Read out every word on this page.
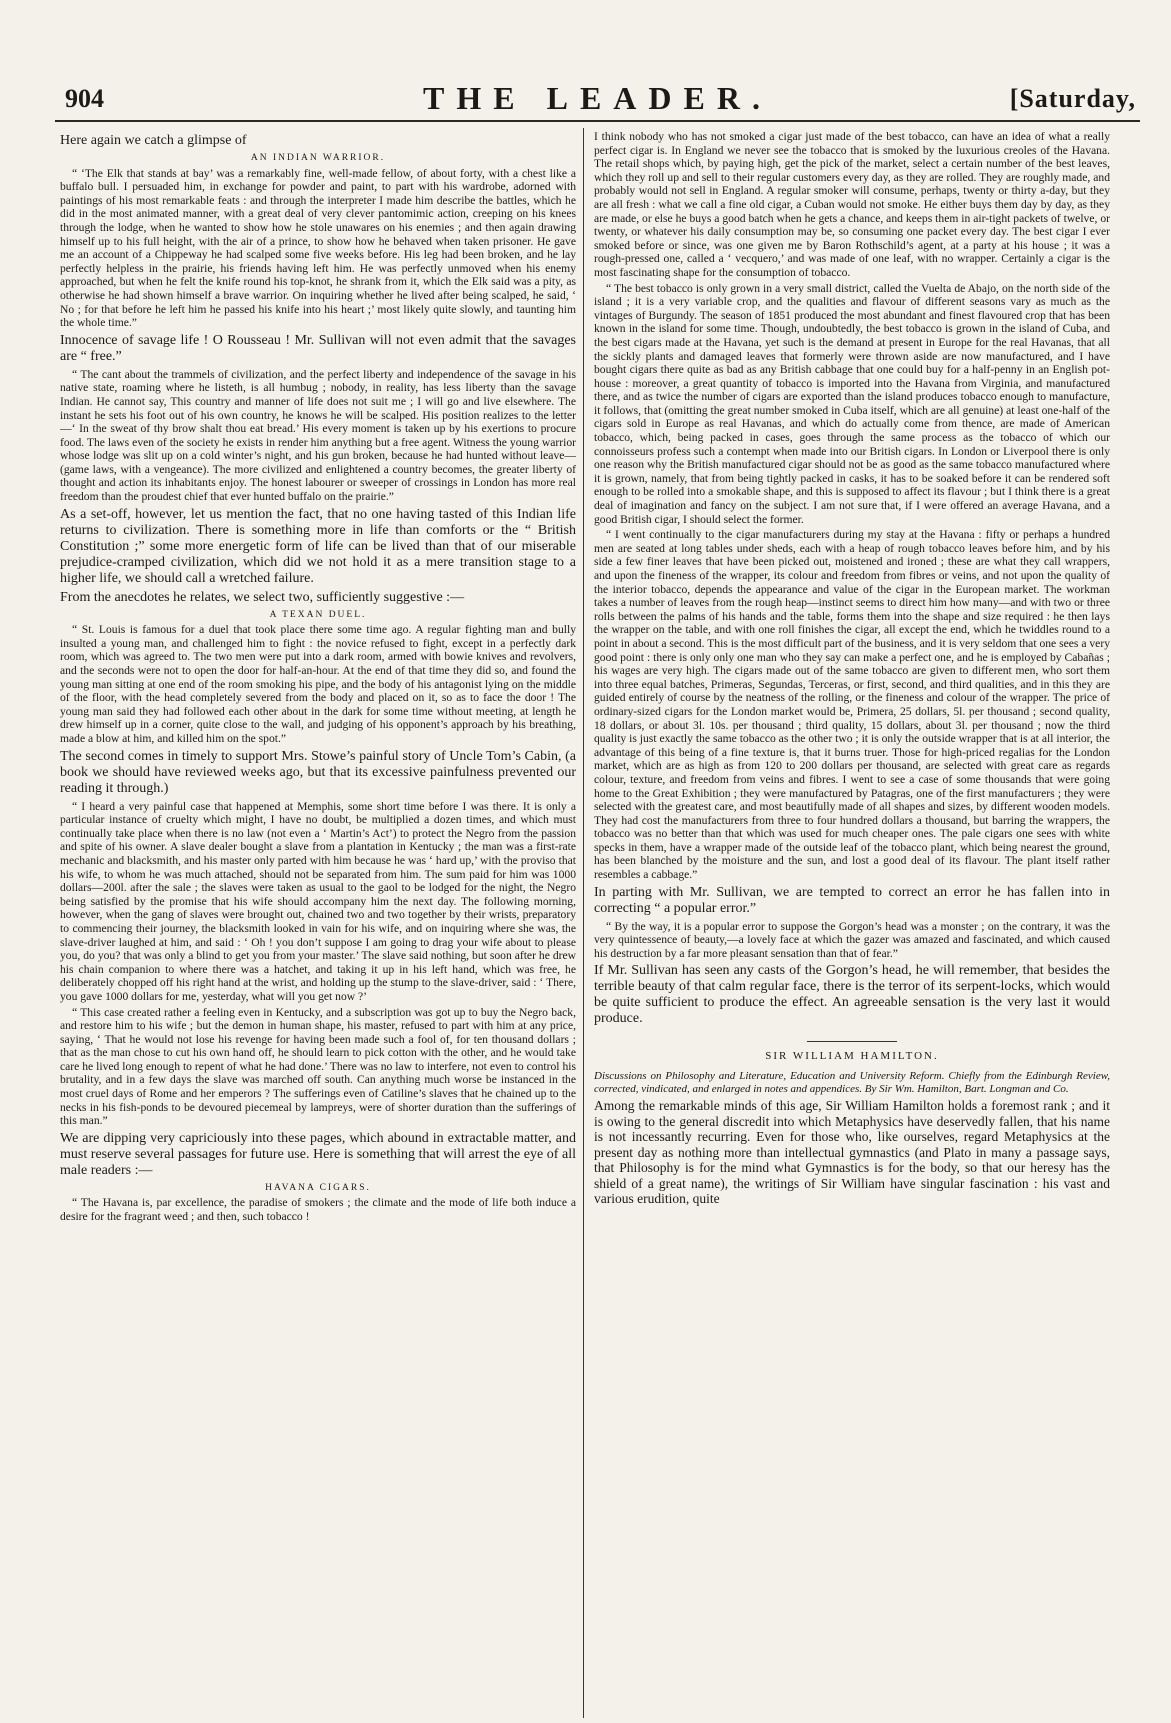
904	THE LEADER.	[Saturday,

Here again we catch a glimpse of

AN INDIAN WARRIOR.

“ ‘The Elk that stands at bay’ was a remarkably fine, well-made fellow, of about forty, with a chest like a buffalo bull. I persuaded him, in exchange for powder and paint, to part with his wardrobe, adorned with paintings of his most remarkable feats : and through the interpreter I made him describe the battles, which he did in the most animated manner, with a great deal of very clever pantomimic action, creeping on his knees through the lodge, when he wanted to show how he stole unawares on his enemies ; and then again drawing himself up to his full height, with the air of a prince, to show how he behaved when taken prisoner. He gave me an account of a Chippeway he had scalped some five weeks before. His leg had been broken, and he lay perfectly helpless in the prairie, his friends having left him. He was perfectly unmoved when his enemy approached, but when he felt the knife round his top-knot, he shrank from it, which the Elk said was a pity, as otherwise he had shown himself a brave warrior. On inquiring whether he lived after being scalped, he said, ‘ No ; for that before he left him he passed his knife into his heart ;’ most likely quite slowly, and taunting him the whole time.”

Innocence of savage life ! O Rousseau ! Mr. Sullivan will not even admit that the savages are “ free.”

“ The cant about the trammels of civilization, and the perfect liberty and independence of the savage in his native state, roaming where he listeth, is all humbug ; nobody, in reality, has less liberty than the savage Indian. He cannot say, This country and manner of life does not suit me ; I will go and live elsewhere. The instant he sets his foot out of his own country, he knows he will be scalped. His position realizes to the letter—‘ In the sweat of thy brow shalt thou eat bread.’ His every moment is taken up by his exertions to procure food. The laws even of the society he exists in render him anything but a free agent. Witness the young warrior whose lodge was slit up on a cold winter’s night, and his gun broken, because he had hunted without leave—(game laws, with a vengeance). The more civilized and enlightened a country becomes, the greater liberty of thought and action its inhabitants enjoy. The honest labourer or sweeper of crossings in London has more real freedom than the proudest chief that ever hunted buffalo on the prairie.”

As a set-off, however, let us mention the fact, that no one having tasted of this Indian life returns to civilization. There is something more in life than comforts or the “ British Constitution ;” some more energetic form of life can be lived than that of our miserable prejudice-cramped civilization, which did we not hold it as a mere transition stage to a higher life, we should call a wretched failure.

From the anecdotes he relates, we select two, sufficiently suggestive :—

A TEXAN DUEL.

“ St. Louis is famous for a duel that took place there some time ago. A regular fighting man and bully insulted a young man, and challenged him to fight : the novice refused to fight, except in a perfectly dark room, which was agreed to. The two men were put into a dark room, armed with bowie knives and revolvers, and the seconds were not to open the door for half-an-hour. At the end of that time they did so, and found the young man sitting at one end of the room smoking his pipe, and the body of his antagonist lying on the middle of the floor, with the head completely severed from the body and placed on it, so as to face the door ! The young man said they had followed each other about in the dark for some time without meeting, at length he drew himself up in a corner, quite close to the wall, and judging of his opponent’s approach by his breathing, made a blow at him, and killed him on the spot.”

The second comes in timely to support Mrs. Stowe’s painful story of Uncle Tom’s Cabin, (a book we should have reviewed weeks ago, but that its excessive painfulness prevented our reading it through.)

“ I heard a very painful case that happened at Memphis, some short time before I was there. It is only a particular instance of cruelty which might, I have no doubt, be multiplied a dozen times, and which must continually take place when there is no law (not even a ‘ Martin’s Act’) to protect the Negro from the passion and spite of his owner. A slave dealer bought a slave from a plantation in Kentucky ; the man was a first-rate mechanic and blacksmith, and his master only parted with him because he was ‘ hard up,’ with the proviso that his wife, to whom he was much attached, should not be separated from him. The sum paid for him was 1000 dollars—200l. after the sale ; the slaves were taken as usual to the gaol to be lodged for the night, the Negro being satisfied by the promise that his wife should accompany him the next day. The following morning, however, when the gang of slaves were brought out, chained two and two together by their wrists, preparatory to commencing their journey, the blacksmith looked in vain for his wife, and on inquiring where she was, the slave-driver laughed at him, and said : ‘ Oh ! you don’t suppose I am going to drag your wife about to please you, do you? that was only a blind to get you from your master.’ The slave said nothing, but soon after he drew his chain companion to where there was a hatchet, and taking it up in his left hand, which was free, he deliberately chopped off his right hand at the wrist, and holding up the stump to the slave-driver, said : ‘ There, you gave 1000 dollars for me, yesterday, what will you get now ?’

“ This case created rather a feeling even in Kentucky, and a subscription was got up to buy the Negro back, and restore him to his wife ; but the demon in human shape, his master, refused to part with him at any price, saying, ‘ That he would not lose his revenge for having been made such a fool of, for ten thousand dollars ; that as the man chose to cut his own hand off, he should learn to pick cotton with the other, and he would take care he lived long enough to repent of what he had done.’ There was no law to interfere, not even to control his brutality, and in a few days the slave was marched off south. Can anything much worse be instanced in the most cruel days of Rome and her emperors ? The sufferings even of Catiline’s slaves that he chained up to the necks in his fish-ponds to be devoured piecemeal by lampreys, were of shorter duration than the sufferings of this man.”

We are dipping very capriciously into these pages, which abound in extractable matter, and must reserve several passages for future use. Here is something that will arrest the eye of all male readers :—

HAVANA CIGARS.

“ The Havana is, par excellence, the paradise of smokers ; the climate and the mode of life both induce a desire for the fragrant weed ; and then, such tobacco !

I think nobody who has not smoked a cigar just made of the best tobacco, can have an idea of what a really perfect cigar is. In England we never see the tobacco that is smoked by the luxurious creoles of the Havana. The retail shops which, by paying high, get the pick of the market, select a certain number of the best leaves, which they roll up and sell to their regular customers every day, as they are rolled. They are roughly made, and probably would not sell in England. A regular smoker will consume, perhaps, twenty or thirty a-day, but they are all fresh : what we call a fine old cigar, a Cuban would not smoke. He either buys them day by day, as they are made, or else he buys a good batch when he gets a chance, and keeps them in air-tight packets of twelve, or twenty, or whatever his daily consumption may be, so consuming one packet every day. The best cigar I ever smoked before or since, was one given me by Baron Rothschild’s agent, at a party at his house ; it was a rough-pressed one, called a ‘ vecquero,’ and was made of one leaf, with no wrapper. Certainly a cigar is the most fascinating shape for the consumption of tobacco.

“ The best tobacco is only grown in a very small district, called the Vuelta de Abajo, on the north side of the island ; it is a very variable crop, and the qualities and flavour of different seasons vary as much as the vintages of Burgundy. The season of 1851 produced the most abundant and finest flavoured crop that has been known in the island for some time. Though, undoubtedly, the best tobacco is grown in the island of Cuba, and the best cigars made at the Havana, yet such is the demand at present in Europe for the real Havanas, that all the sickly plants and damaged leaves that formerly were thrown aside are now manufactured, and I have bought cigars there quite as bad as any British cabbage that one could buy for a half-penny in an English pot-house : moreover, a great quantity of tobacco is imported into the Havana from Virginia, and manufactured there, and as twice the number of cigars are exported than the island produces tobacco enough to manufacture, it follows, that (omitting the great number smoked in Cuba itself, which are all genuine) at least one-half of the cigars sold in Europe as real Havanas, and which do actually come from thence, are made of American tobacco, which, being packed in cases, goes through the same process as the tobacco of which our connoisseurs profess such a contempt when made into our British cigars. In London or Liverpool there is only one reason why the British manufactured cigar should not be as good as the same tobacco manufactured where it is grown, namely, that from being tightly packed in casks, it has to be soaked before it can be rendered soft enough to be rolled into a smokable shape, and this is supposed to affect its flavour ; but I think there is a great deal of imagination and fancy on the subject. I am not sure that, if I were offered an average Havana, and a good British cigar, I should select the former.

“ I went continually to the cigar manufacturers during my stay at the Havana : fifty or perhaps a hundred men are seated at long tables under sheds, each with a heap of rough tobacco leaves before him, and by his side a few finer leaves that have been picked out, moistened and ironed ; these are what they call wrappers, and upon the fineness of the wrapper, its colour and freedom from fibres or veins, and not upon the quality of the interior tobacco, depends the appearance and value of the cigar in the European market. The workman takes a number of leaves from the rough heap—instinct seems to direct him how many—and with two or three rolls between the palms of his hands and the table, forms them into the shape and size required : he then lays the wrapper on the table, and with one roll finishes the cigar, all except the end, which he twiddles round to a point in about a second. This is the most difficult part of the business, and it is very seldom that one sees a very good point : there is only only one man who they say can make a perfect one, and he is employed by Cabañas ; his wages are very high. The cigars made out of the same tobacco are given to different men, who sort them into three equal batches, Primeras, Segundas, Terceras, or first, second, and third qualities, and in this they are guided entirely of course by the neatness of the rolling, or the fineness and colour of the wrapper. The price of ordinary-sized cigars for the London market would be, Primera, 25 dollars, 5l. per thousand ; second quality, 18 dollars, or about 3l. 10s. per thousand ; third quality, 15 dollars, about 3l. per thousand ; now the third quality is just exactly the same tobacco as the other two ; it is only the outside wrapper that is at all interior, the advantage of this being of a fine texture is, that it burns truer. Those for high-priced regalias for the London market, which are as high as from 120 to 200 dollars per thousand, are selected with great care as regards colour, texture, and freedom from veins and fibres. I went to see a case of some thousands that were going home to the Great Exhibition ; they were manufactured by Patagras, one of the first manufacturers ; they were selected with the greatest care, and most beautifully made of all shapes and sizes, by different wooden models. They had cost the manufacturers from three to four hundred dollars a thousand, but barring the wrappers, the tobacco was no better than that which was used for much cheaper ones. The pale cigars one sees with white specks in them, have a wrapper made of the outside leaf of the tobacco plant, which being nearest the ground, has been blanched by the moisture and the sun, and lost a good deal of its flavour. The plant itself rather resembles a cabbage.”

In parting with Mr. Sullivan, we are tempted to correct an error he has fallen into in correcting “ a popular error.”

“ By the way, it is a popular error to suppose the Gorgon’s head was a monster ; on the contrary, it was the very quintessence of beauty,—a lovely face at which the gazer was amazed and fascinated, and which caused his destruction by a far more pleasant sensation than that of fear.”

If Mr. Sullivan has seen any casts of the Gorgon’s head, he will remember, that besides the terrible beauty of that calm regular face, there is the terror of its serpent-locks, which would be quite sufficient to produce the effect. An agreeable sensation is the very last it would produce.

SIR WILLIAM HAMILTON.

Discussions on Philosophy and Literature, Education and University Reform. Chiefly from the Edinburgh Review, corrected, vindicated, and enlarged in notes and appendices. By Sir Wm. Hamilton, Bart. Longman and Co.

Among the remarkable minds of this age, Sir William Hamilton holds a foremost rank ; and it is owing to the general discredit into which Metaphysics have deservedly fallen, that his name is not incessantly recurring. Even for those who, like ourselves, regard Metaphysics at the present day as nothing more than intellectual gymnastics (and Plato in many a passage says, that Philosophy is for the mind what Gymnastics is for the body, so that our heresy has the shield of a great name), the writings of Sir William have singular fascination : his vast and various erudition, quite
